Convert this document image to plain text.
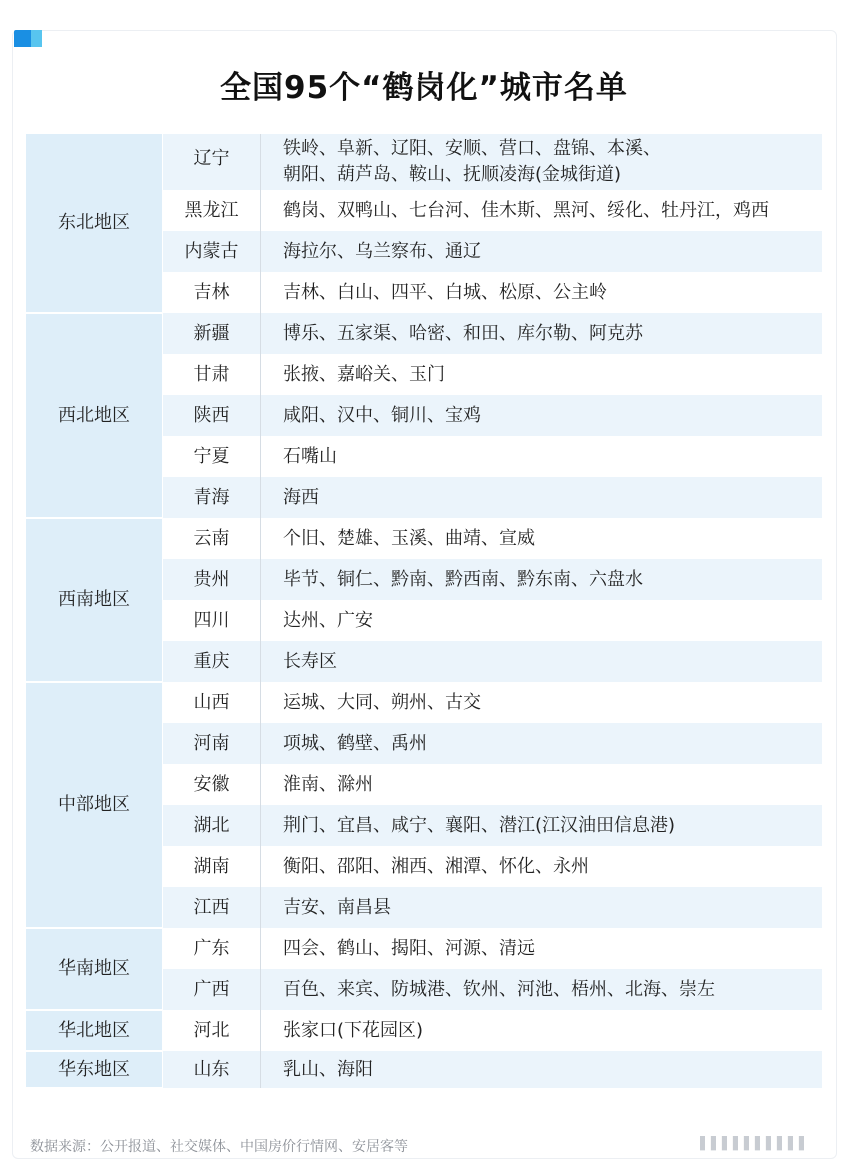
全国95个“鹤岗化”城市名单
东北地区	辽宁	铁岭、阜新、辽阳、安顺、营口、盘锦、本溪、
朝阳、葫芦岛、鞍山、抚顺凌海(金城街道)

	黑龙江	鹤岗、双鸭山、七台河、佳木斯、黑河、绥化、牡丹江，鸡西

	内蒙古	海拉尔、乌兰察布、通辽

	吉林	吉林、白山、四平、白城、松原、公主岭

西北地区	新疆	博乐、五家渠、哈密、和田、库尔勒、阿克苏

	甘肃	张掖、嘉峪关、玉门

	陕西	咸阳、汉中、铜川、宝鸡

	宁夏	石嘴山

	青海	海西

西南地区	云南	个旧、楚雄、玉溪、曲靖、宣威

	贵州	毕节、铜仁、黔南、黔西南、黔东南、六盘水

	四川	达州、广安

	重庆	长寿区

中部地区	山西	运城、大同、朔州、古交

	河南	项城、鹤壁、禹州

	安徽	淮南、滁州

	湖北	荆门、宜昌、咸宁、襄阳、潜江(江汉油田信息港)

	湖南	衡阳、邵阳、湘西、湘潭、怀化、永州

	江西	吉安、南昌县

华南地区	广东	四会、鹤山、揭阳、河源、清远

	广西	百色、来宾、防城港、钦州、河池、梧州、北海、崇左

华北地区	河北	张家口(下花园区)

华东地区	山东	乳山、海阳
数据来源：公开报道、社交媒体、中国房价行情网、安居客等	▌▌▌▌▌▌▌▌▌▌
